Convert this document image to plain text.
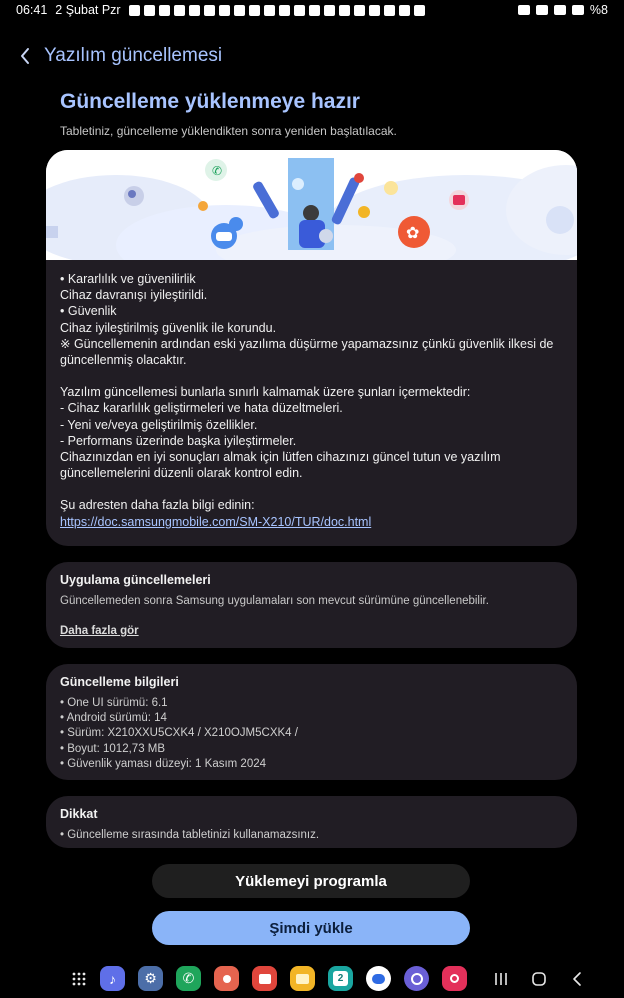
06:41 2 Şubat Pzr	%8
Yazılım güncellemesi
Güncelleme yüklenmeye hazır
Tabletiniz, güncelleme yüklendikten sonra yeniden başlatılacak.
✆
✿

• Kararlılık ve güvenilirlik

Cihaz davranışı iyileştirildi.

• Güvenlik

Cihaz iyileştirilmiş güvenlik ile korundu.

※ Güncellemenin ardından eski yazılıma düşürme yapamazsınız çünkü güvenlik ilkesi de

güncellenmiş olacaktır.

Yazılım güncellemesi bunlarla sınırlı kalmamak üzere şunları içermektedir:

- Cihaz kararlılık geliştirmeleri ve hata düzeltmeleri.

- Yeni ve/veya geliştirilmiş özellikler.

- Performans üzerinde başka iyileştirmeler.

Cihazınızdan en iyi sonuçları almak için lütfen cihazınızı güncel tutun ve yazılım

güncellemelerini düzenli olarak kontrol edin.

Şu adresten daha fazla bilgi edinin:

https://doc.samsungmobile.com/SM-X210/TUR/doc.html

Uygulama güncellemeleri
Güncellemeden sonra Samsung uygulamaları son mevcut sürümüne güncellenebilir.
Daha fazla gör
Güncelleme bilgileri
• One UI sürümü: 6.1
• Android sürümü: 14
• Sürüm: X210XXU5CXK4 / X210OJM5CXK4 /
• Boyut: 1012,73 MB
• Güvenlik yaması düzeyi: 1 Kasım 2024
Dikkat
• Güncelleme sırasında tabletinizi kullanamazsınız.
Yüklemeyi programla
Şimdi yükle
♪ ⚙ ✆	2
